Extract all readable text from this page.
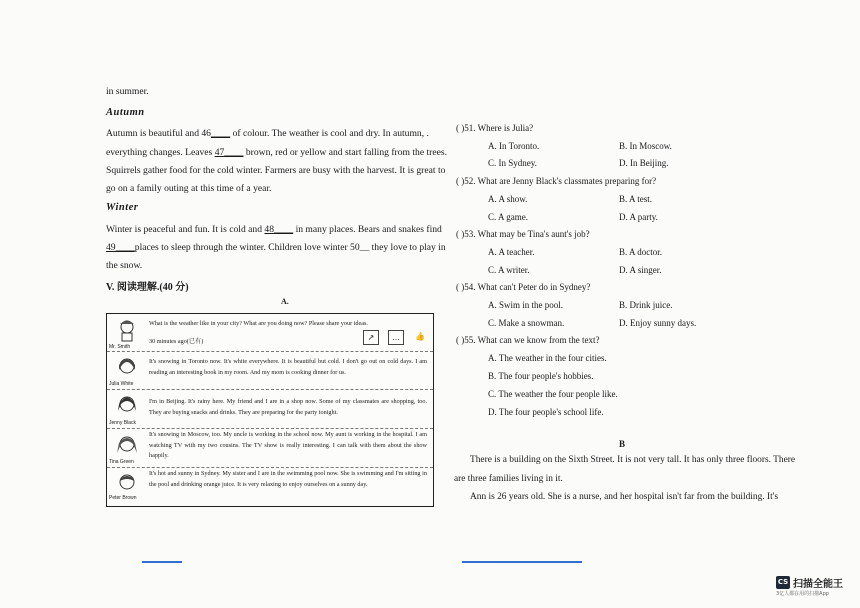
in summer.
Autumn
Autumn is beautiful and 46____ of colour. The weather is cool and dry. In autumn, .
everything changes. Leaves 47____ brown, red or yellow and start falling from the trees.
Squirrels gather food for the cold winter. Farmers are busy with the harvest. It is great to
go on a family outing at this time of a year.
Winter
Winter is peaceful and fun. It is cold and 48____ in many places. Bears and snakes find
49____places to sleep through the winter. Children love winter 50__ they love to play in
the snow.
V. 阅读理解.(40 分)
A.
Mr. Smith
What is the weather like in your city? What are you doing now? Please share your ideas.
30 minutes ago(已有)	↗	…	👍
Julia White
It's snowing in Toronto now. It's white everywhere. It is beautiful but cold. I don't go out on cold days. I am reading an interesting book in my room. And my mom is cooking dinner for us.
Jenny Black
I'm in Beijing. It's rainy here. My friend and I are in a shop now. Some of my classmates are shopping, too. They are buying snacks and drinks. They are preparing for the party tonight.
Tina Green
It's snowing in Moscow, too. My uncle is working in the school now. My aunt is working in the hospital. I am watching TV with my two cousins. The TV show is really interesting. I can talk with them about the show happily.
Peter Brown
It's hot and sunny in Sydney. My sister and I are in the swimming pool now. She is swimming and I'm sitting in the pool and drinking orange juice. It is very relaxing to enjoy ourselves on a sunny day.
( )51. Where is Julia?
A. In Toronto.	B. In Moscow.
C. In Sydney.	D. In Beijing.
( )52. What are Jenny Black's classmates preparing for?
A. A show.	B. A test.
C. A game.	D. A party.
( )53. What may be Tina's aunt's job?
A. A teacher.	B. A doctor.
C. A writer.	D. A singer.
( )54. What can't Peter do in Sydney?
A. Swim in the pool.	B. Drink juice.
C. Make a snowman.	D. Enjoy sunny days.
( )55. What can we know from the text?
A. The weather in the four cities.
B. The four people's hobbies.
C. The weather the four people like.
D. The four people's school life.
B
There is a building on the Sixth Street. It is not very tall. It has only three floors. There
are three families living in it.
Ann is 26 years old. She is a nurse, and her hospital isn't far from the building. It's
CS 扫描全能王
3亿人都在用的扫描App
